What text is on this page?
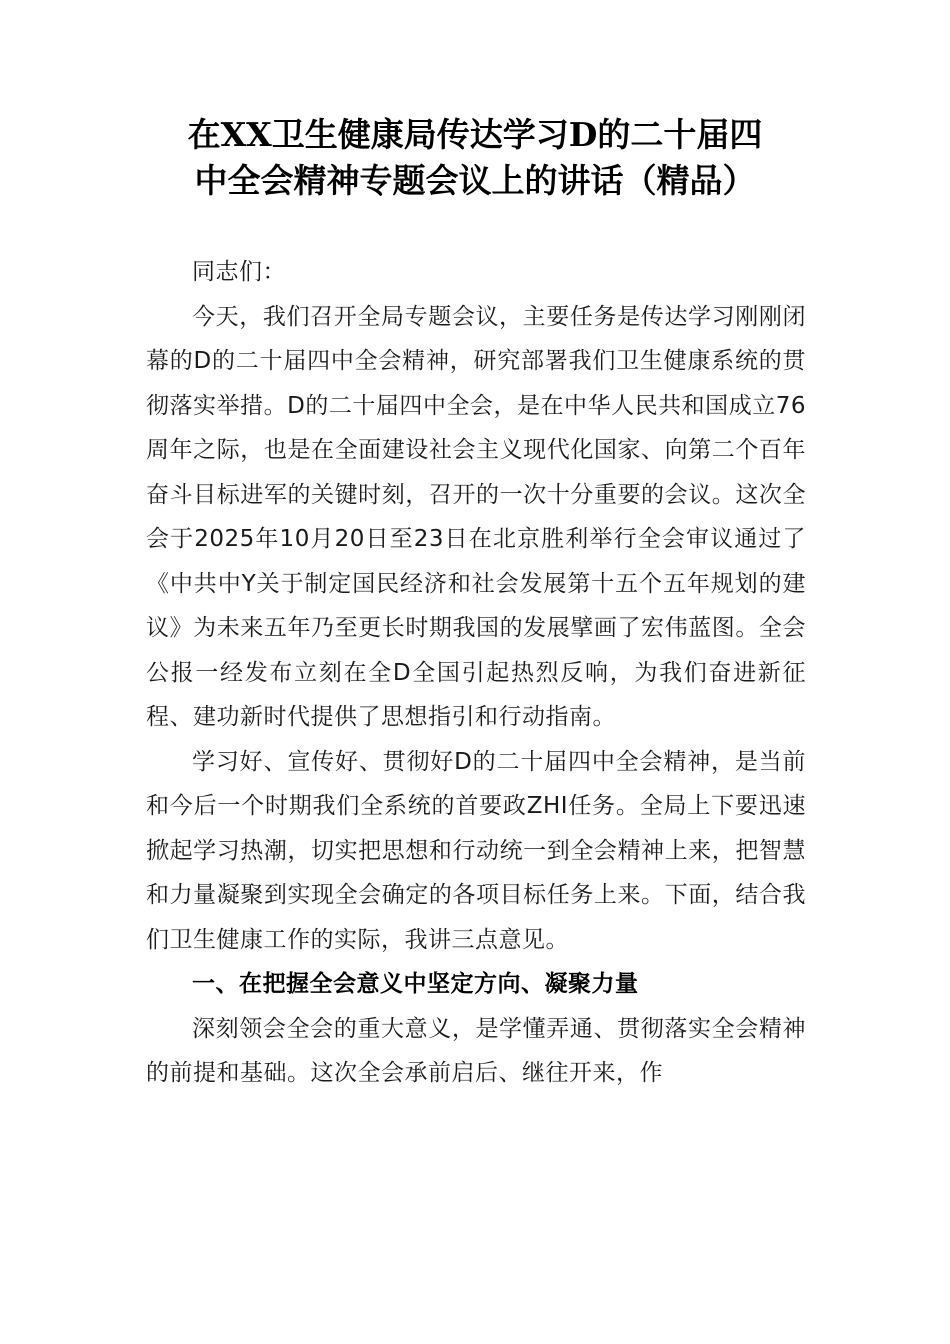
在XX卫生健康局传达学习D的二十届四
中全会精神专题会议上的讲话（精品）

同志们：

今天，我们召开全局专题会议，主要任务是传达学习刚刚闭幕的D的二十届四中全会精神，研究部署我们卫生健康系统的贯彻落实举措。D的二十届四中全会，是在中华人民共和国成立76周年之际，也是在全面建设社会主义现代化国家、向第二个百年奋斗目标进军的关键时刻，召开的一次十分重要的会议。这次全会于2025年10月20日至23日在北京胜利举行全会审议通过了《中共中Y关于制定国民经济和社会发展第十五个五年规划的建议》为未来五年乃至更长时期我国的发展擘画了宏伟蓝图。全会公报一经发布立刻在全D全国引起热烈反响，为我们奋进新征程、建功新时代提供了思想指引和行动指南。

学习好、宣传好、贯彻好D的二十届四中全会精神，是当前和今后一个时期我们全系统的首要政ZHI任务。全局上下要迅速掀起学习热潮，切实把思想和行动统一到全会精神上来，把智慧和力量凝聚到实现全会确定的各项目标任务上来。下面，结合我们卫生健康工作的实际，我讲三点意见。

一、在把握全会意义中坚定方向、凝聚力量

深刻领会全会的重大意义，是学懂弄通、贯彻落实全会精神的前提和基础。这次全会承前启后、继往开来，作
